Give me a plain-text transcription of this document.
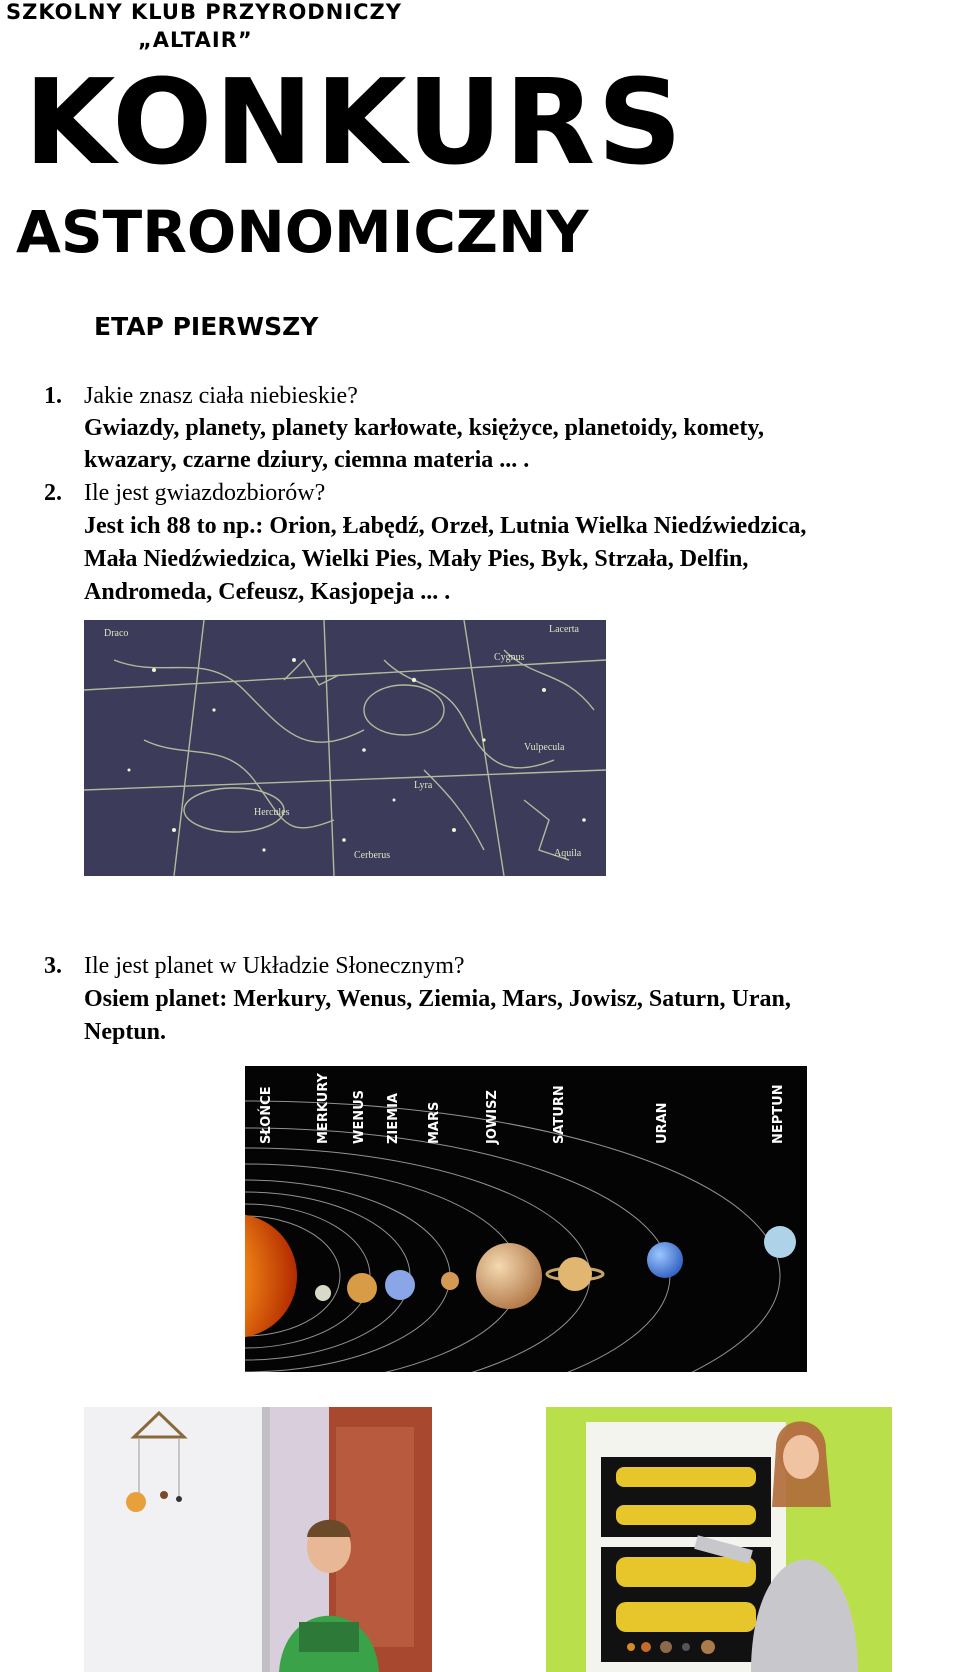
SZKOLNY KLUB PRZYRODNICZY
„ALTAIR”
KONKURS
ASTRONOMICZNY
ETAP PIERWSZY
1. Jakie znasz ciała niebieskie?
Gwiazdy, planety, planety karłowate, księżyce, planetoidy, komety,
kwazary, czarne dziury, ciemna materia ... .
2. Ile jest gwiazdozbiorów?
Jest ich 88 to np.: Orion, Łabędź, Orzeł, Lutnia Wielka Niedźwiedzica,
Mała Niedźwiedzica, Wielki Pies, Mały Pies, Byk, Strzała, Delfin,
Andromeda, Cefeusz, Kasjopeja ... .
Hercules
Cerberus
Lyra
Cygnus
Aquila
Lacerta
Vulpecula
Draco
3. Ile jest planet w Układzie Słonecznym?
Osiem planet: Merkury, Wenus, Ziemia, Mars, Jowisz, Saturn, Uran,
Neptun.
SŁOŃCE	MERKURY WENUS ZIEMIA MARS	JOWISZ	SATURN	URAN	NEPTUN
